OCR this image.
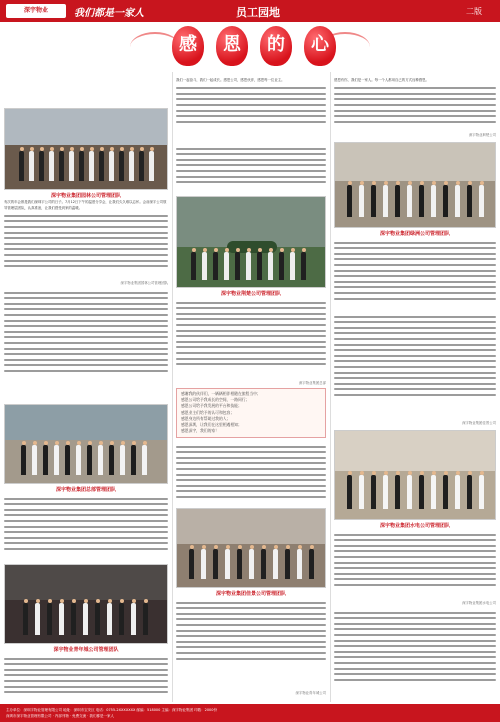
深宇物业	我们都是一家人	员工园地	二版
感	恩	的	心
深宇物业集团园林公司管理团队
有次的年会都是我们深圳宇公司的日子。7月12日下午的温度分享会，让我们久久难以忘怀。会前深宇公司领导管理层团队，认真准备，让我们感受到家的温暖。
深宇物业集团园林公司管理团队
深宇物业集团总部管理团队
深宇物业青年城公司管理团队
我们一起奋斗，我们一起成长。感恩公司，感恩伙伴，感恩每一位业主。
深宇物业荆楚公司管理团队
深宇物业集团总部
感谢我的伙伴们，一辆辆相伴相随在旅程当中；
感恩公司给予我成长的空间，一路同行；
感恩公司给予我发展的平台和技能；
感恩业主们给予的认可和包容；
感恩身边所有帮助过我的人；
感恩深圳，让我们在这里相遇相知；
感恩深宇，我们的家！
深宇物业集团佳景公司管理团队
深宇物业青年城公司
感恩有你，我们是一家人。每一个人都用自己的方式诠释感恩。
深宇物业荆楚公司
深宇物业集团绿洲公司管理团队
深宇物业集团佳景公司
深宇物业集团水电公司管理团队
深宇物业集团水电公司
主办单位：深圳宇物业管理有限公司 地址：深圳市宝安区 电话：0755-2XXXXXXX 邮编：518000 主编：深宇物业集团 印数：2000份
深圳市深宇物业管理有限公司 · 内部刊物 · 免费交流 · 我们都是一家人
